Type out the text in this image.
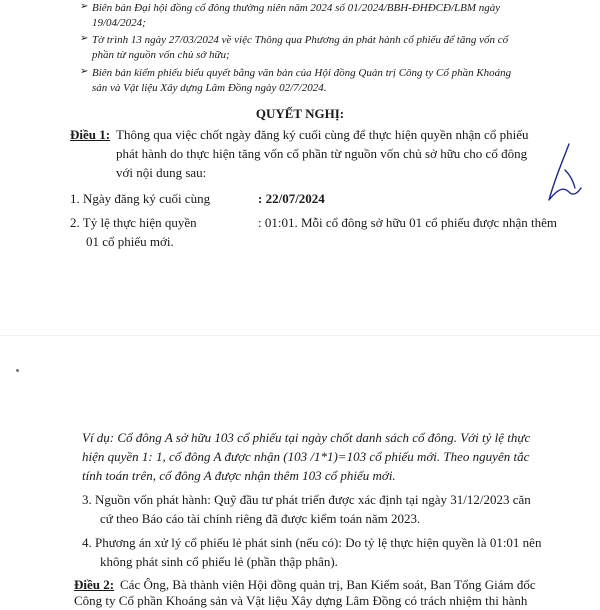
➢ Biên bản Đại hội đồng cổ đông thường niên năm 2024 số 01/2024/BBH-ĐHĐCĐ/LBM ngày
19/04/2024;
➢ Tờ trình 13 ngày 27/03/2024 về việc Thông qua Phương án phát hành cổ phiếu để tăng vốn cổ
phần từ nguồn vốn chủ sở hữu;
➢ Biên bản kiểm phiếu biểu quyết bằng văn bản của Hội đồng Quản trị Công ty Cổ phần Khoáng
sản và Vật liệu Xây dựng Lâm Đồng ngày 02/7/2024.
QUYẾT NGHỊ:
Điều 1: Thông qua việc chốt ngày đăng ký cuối cùng để thực hiện quyền nhận cổ phiếu
phát hành do thực hiện tăng vốn cổ phần từ nguồn vốn chủ sở hữu cho cổ đông
với nội dung sau:
1. Ngày đăng ký cuối cùng	: 22/07/2024
2. Tỷ lệ thực hiện quyền	: 01:01. Mỗi cổ đông sở hữu 01 cổ phiếu được nhận thêm
01 cổ phiếu mới.
Ví dụ: Cổ đông A sở hữu 103 cổ phiếu tại ngày chốt danh sách cổ đông. Với tỷ lệ thực
hiện quyền 1: 1, cổ đông A được nhận (103 /1*1)=103 cổ phiếu mới. Theo nguyên tắc
tính toán trên, cổ đông A được nhận thêm 103 cổ phiếu mới.
3. Nguồn vốn phát hành: Quỹ đầu tư phát triển được xác định tại ngày 31/12/2023 căn
cứ theo Báo cáo tài chính riêng đã được kiểm toán năm 2023.
4. Phương án xử lý cổ phiếu lẻ phát sinh (nếu có): Do tỷ lệ thực hiện quyền là 01:01 nên
không phát sinh cổ phiếu lẻ (phần thập phân).
Điều 2: Các Ông, Bà thành viên Hội đồng quản trị, Ban Kiểm soát, Ban Tổng Giám đốc
Công ty Cổ phần Khoáng sản và Vật liệu Xây dựng Lâm Đồng có trách nhiệm thi hành
